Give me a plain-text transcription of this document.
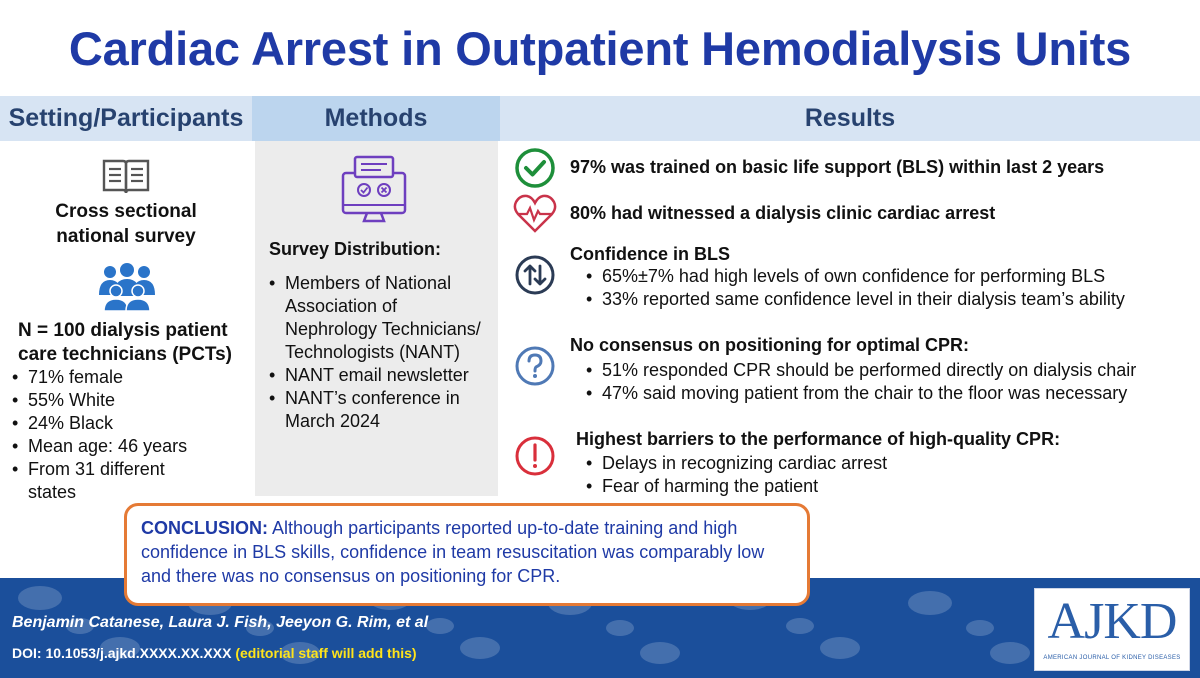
Cardiac Arrest in Outpatient Hemodialysis Units
Setting/Participants	Methods	Results
Cross sectional
national survey
N = 100 dialysis patient
care technicians (PCTs)
• 71% female
• 55% White
• 24% Black
• Mean age: 46 years
• From 31 different states
Survey Distribution:
• Members of National Association of Nephrology Technicians/ Technologists (NANT)
• NANT email newsletter
• NANT’s conference in March 2024
97% was trained on basic life support (BLS) within last 2 years
80% had witnessed a dialysis clinic cardiac arrest
Confidence in BLS
• 65%±7% had high levels of own confidence for performing BLS
• 33% reported same confidence level in their dialysis team’s ability
No consensus on positioning for optimal CPR:
• 51% responded CPR should be performed directly on dialysis chair
• 47% said moving patient from the chair to the floor was necessary
Highest barriers to the performance of high-quality CPR:
• Delays in recognizing cardiac arrest
• Fear of harming the patient
Benjamin Catanese, Laura J. Fish, Jeeyon G. Rim, et al
DOI: 10.1053/j.ajkd.XXXX.XX.XXX (editorial staff will add this)
CONCLUSION: Although participants reported up-to-date training and high confidence in BLS skills, confidence in team resuscitation was comparably low and there was no consensus on positioning for CPR.
AJKD
AMERICAN JOURNAL OF KIDNEY DISEASES
